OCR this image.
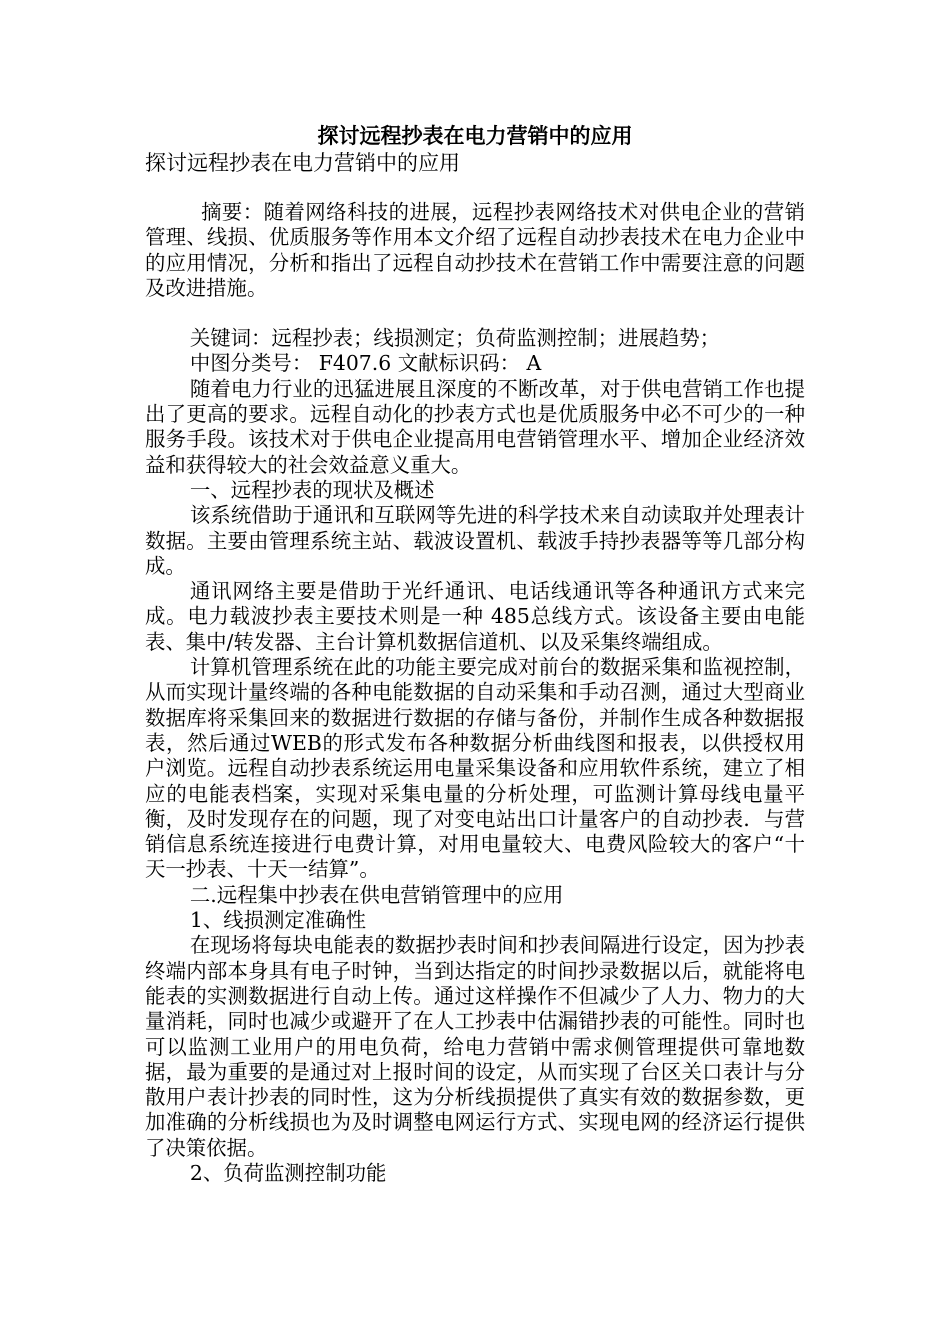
探讨远程抄表在电力营销中的应用

探讨远程抄表在电力营销中的应用

摘要：随着网络科技的进展，远程抄表网络技术对供电企业的营销管理、线损、优质服务等作用本文介绍了远程自动抄表技术在电力企业中的应用情况，分析和指出了远程自动抄技术在营销工作中需要注意的问题及改进措施。

关键词：远程抄表；线损测定；负荷监测控制；进展趋势；

中图分类号： F407.6 文献标识码： A

随着电力行业的迅猛进展且深度的不断改革，对于供电营销工作也提出了更高的要求。远程自动化的抄表方式也是优质服务中必不可少的一种服务手段。该技术对于供电企业提高用电营销管理水平、增加企业经济效益和获得较大的社会效益意义重大。

一、远程抄表的现状及概述

该系统借助于通讯和互联网等先进的科学技术来自动读取并处理表计数据。主要由管理系统主站、载波设置机、载波手持抄表器等等几部分构成。

通讯网络主要是借助于光纤通讯、电话线通讯等各种通讯方式来完成。电力载波抄表主要技术则是一种 485总线方式。该设备主要由电能表、集中/转发器、主台计算机数据信道机、以及采集终端组成。

计算机管理系统在此的功能主要完成对前台的数据采集和监视控制，从而实现计量终端的各种电能数据的自动采集和手动召测，通过大型商业数据库将采集回来的数据进行数据的存储与备份，并制作生成各种数据报表，然后通过WEB的形式发布各种数据分析曲线图和报表，以供授权用户浏览。远程自动抄表系统运用电量采集设备和应用软件系统，建立了相应的电能表档案，实现对采集电量的分析处理，可监测计算母线电量平衡，及时发现存在的问题，现了对变电站出口计量客户的自动抄表．与营销信息系统连接进行电费计算，对用电量较大、电费风险较大的客户“十天一抄表、十天一结算”。

二.远程集中抄表在供电营销管理中的应用

1、线损测定准确性

在现场将每块电能表的数据抄表时间和抄表间隔进行设定，因为抄表终端内部本身具有电子时钟，当到达指定的时间抄录数据以后，就能将电能表的实测数据进行自动上传。通过这样操作不但减少了人力、物力的大量消耗，同时也减少或避开了在人工抄表中估漏错抄表的可能性。同时也可以监测工业用户的用电负荷，给电力营销中需求侧管理提供可靠地数据，最为重要的是通过对上报时间的设定，从而实现了台区关口表计与分散用户表计抄表的同时性，这为分析线损提供了真实有效的数据参数，更加准确的分析线损也为及时调整电网运行方式、实现电网的经济运行提供了决策依据。

2、负荷监测控制功能
